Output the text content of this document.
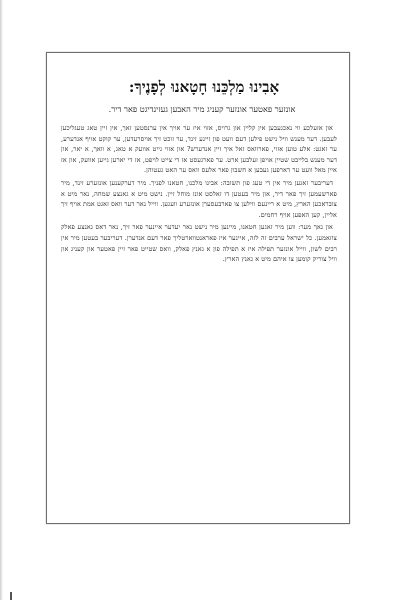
אָבִינוּ מַלְכֵּנוּ חָטָאנוּ לְפָנֶיךָ:

אונזער פאטער אונזער קעניג מיר האבען געזינדיגט פאר דיר.

און אזעלכע ווי נאכגעבען אין קליין און גרויס, אזוי איז ער אויך אין ערנסטען זאך, אין זיין טאג טעגליכען לעבען. דער מענש וויל נישט פילען דעם וועט פון זיינע זינד, ער זוכט זיך אויסרעדען, ער קוקט אויף אנדערע, ער זאגט: אלע טוען אזוי, פארוואס זאל איך זיין אנדערש? און אזוי גייט אוועק א טאג, א וואך, א יאר, און דער מענש בלייבט שטיין אויפן זעלבען ארט. ער פארגעסט אז די צייט לויפט, אז די יארען גייען אוועק, און אז איין מאל וועט ער דארפען געבען א חשבון פאר אלעס וואס ער האט געטוהן.

דעריבער זאגען מיר אין די טעג פון תשובה: אבינו מלכנו, חטאנו לפניך. מיר דערקענען אונזערע זינד, מיר פארשעמען זיך פאר דיר, און מיר בעטען דו זאלסט אונז מוחל זיין. נישט מיט א גאנצע שמחה, נאר מיט א צובראכען הארץ, מיט א ריינעם ווילען צו פארבעסערן אונזערע וועגען. ווייל נאר דער וואס זאגט אמת אויף זיך אליין, קען האפען אויף רחמים.

און נאך מער: ווען מיר זאגען חטאנו, מיינען מיר נישט נאר יעדער איינער פאר זיך, נאר דאס גאנצע פאלק צוזאמען. כל ישראל ערבים זה לזה, איינער איז פאראנטווארטליך פאר דעם אנדערן. דעריבער בעטען מיר אין רבים לשון, ווייל אונזער תפילה איז א תפילה פון א גאנץ פאלק, וואס שטייט פאר זיין פאטער און קעניג און וויל צוריק קומען צו איהם מיט א גאנץ הארץ.
